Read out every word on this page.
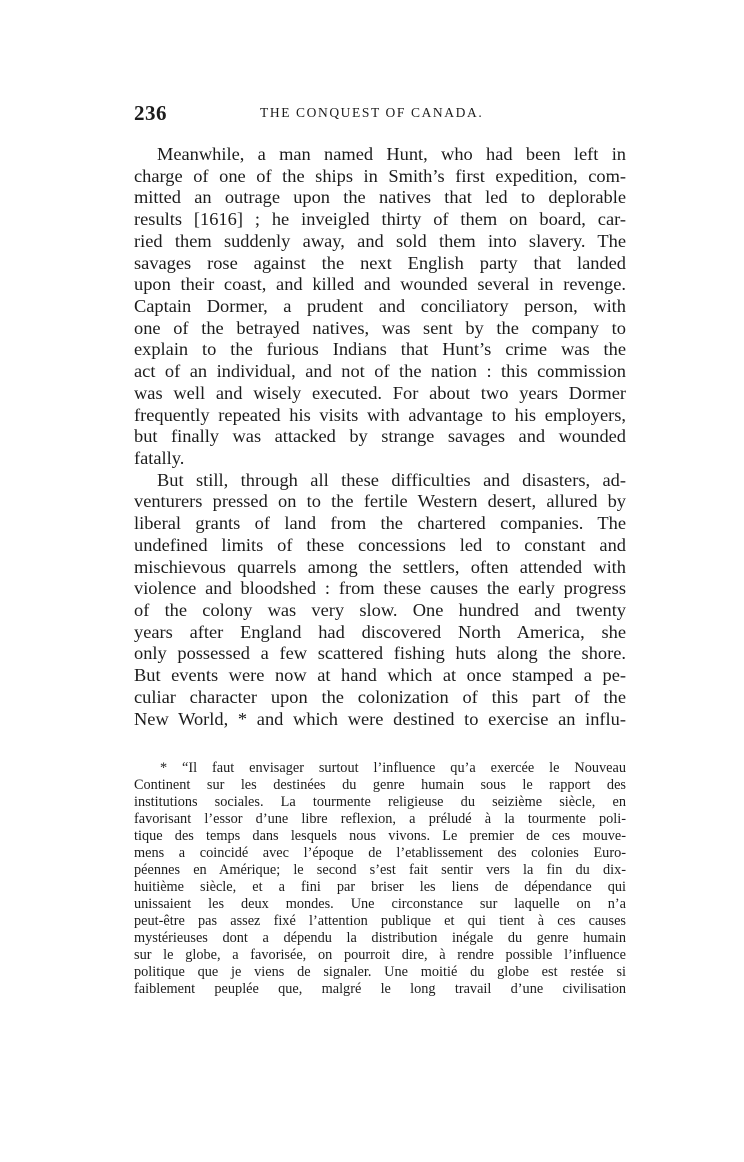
236	THE CONQUEST OF CANADA.
Meanwhile, a man named Hunt, who had been left in
charge of one of the ships in Smith’s first expedition, com-
mitted an outrage upon the natives that led to deplorable
results [1616] ; he inveigled thirty of them on board, car-
ried them suddenly away, and sold them into slavery. The
savages rose against the next English party that landed
upon their coast, and killed and wounded several in revenge.
Captain Dormer, a prudent and conciliatory person, with
one of the betrayed natives, was sent by the company to
explain to the furious Indians that Hunt’s crime was the
act of an individual, and not of the nation : this commission
was well and wisely executed. For about two years Dormer
frequently repeated his visits with advantage to his employers,
but finally was attacked by strange savages and wounded
fatally.
But still, through all these difficulties and disasters, ad-
venturers pressed on to the fertile Western desert, allured by
liberal grants of land from the chartered companies. The
undefined limits of these concessions led to constant and
mischievous quarrels among the settlers, often attended with
violence and bloodshed : from these causes the early progress
of the colony was very slow. One hundred and twenty
years after England had discovered North America, she
only possessed a few scattered fishing huts along the shore.
But events were now at hand which at once stamped a pe-
culiar character upon the colonization of this part of the
New World, * and which were destined to exercise an influ-
* “Il faut envisager surtout l’influence qu’a exercée le Nouveau
Continent sur les destinées du genre humain sous le rapport des
institutions sociales. La tourmente religieuse du seizième siècle, en
favorisant l’essor d’une libre reflexion, a préludé à la tourmente poli-
tique des temps dans lesquels nous vivons. Le premier de ces mouve-
mens a coincidé avec l’époque de l’etablissement des colonies Euro-
péennes en Amérique; le second s’est fait sentir vers la fin du dix-
huitième siècle, et a fini par briser les liens de dépendance qui
unissaient les deux mondes. Une circonstance sur laquelle on n’a
peut-être pas assez fixé l’attention publique et qui tient à ces causes
mystérieuses dont a dépendu la distribution inégale du genre humain
sur le globe, a favorisée, on pourroit dire, à rendre possible l’influence
politique que je viens de signaler. Une moitié du globe est restée si
faiblement peuplée que, malgré le long travail d’une civilisation
